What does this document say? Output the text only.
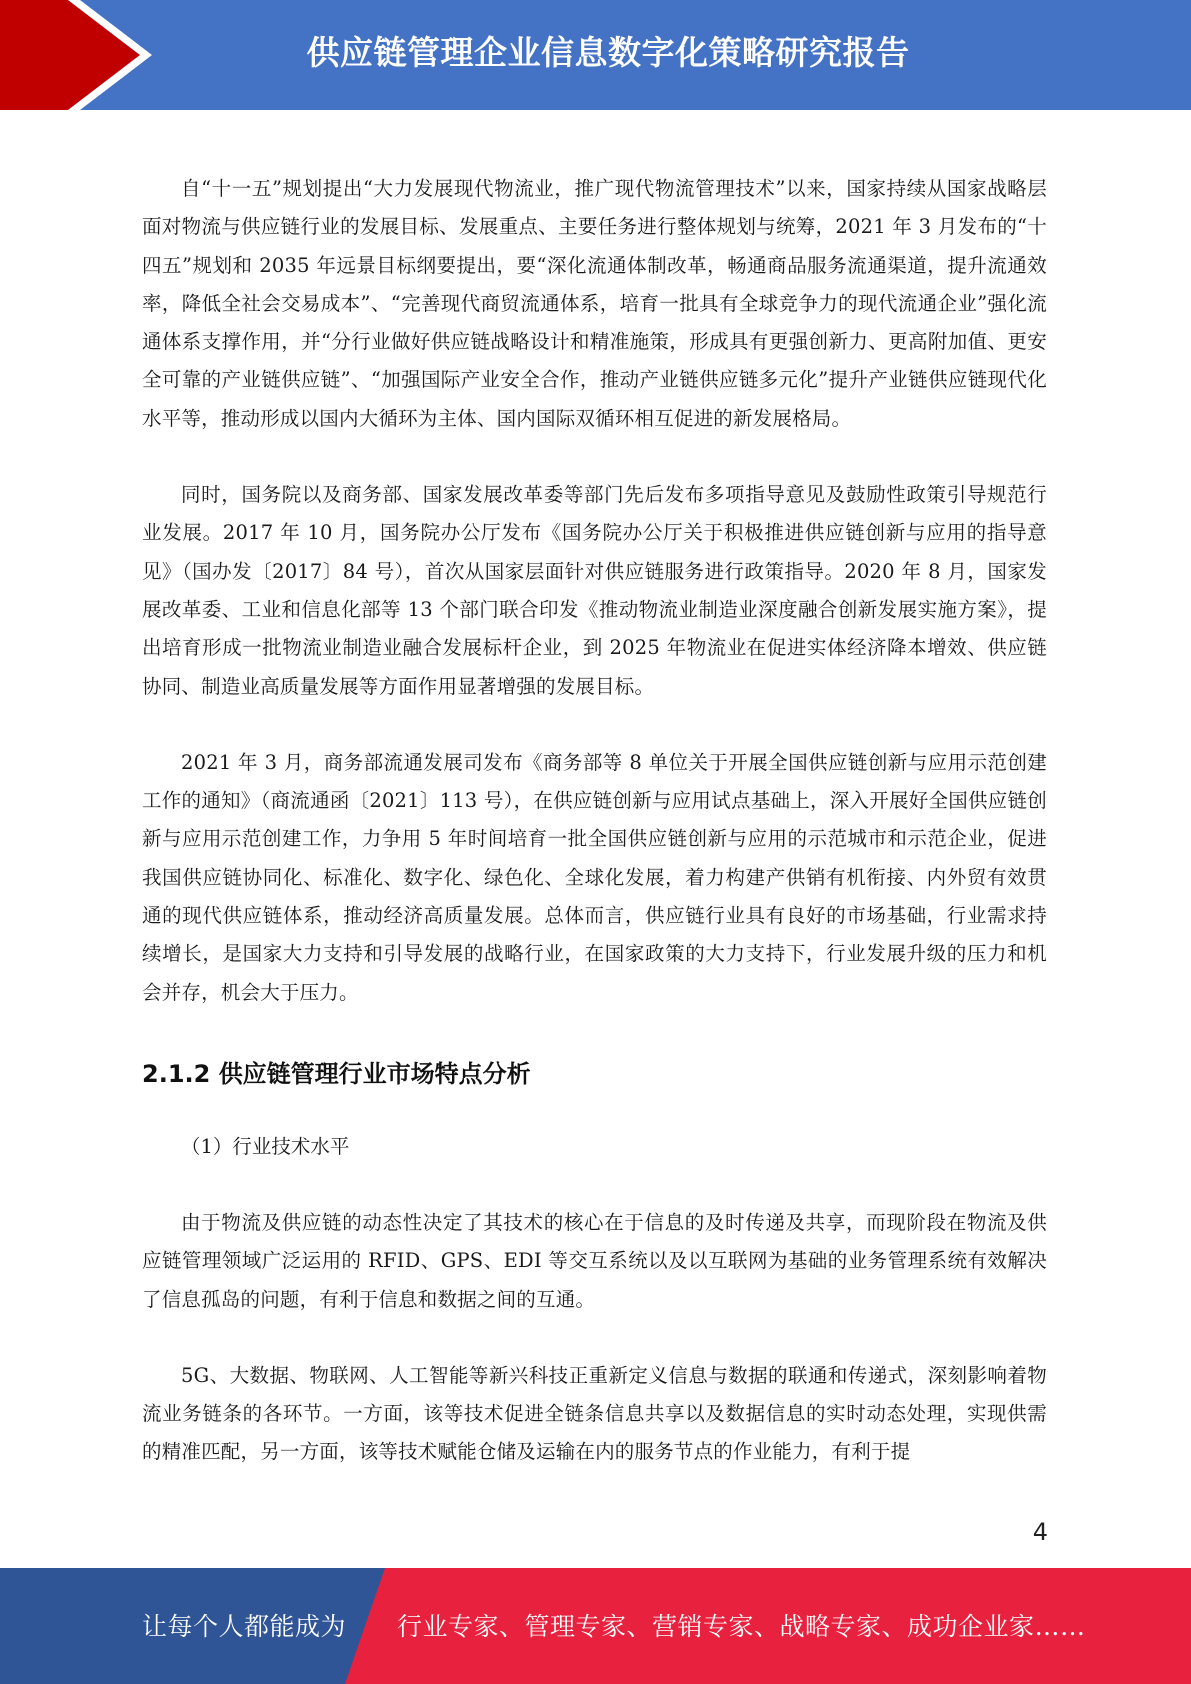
供应链管理企业信息数字化策略研究报告

自“十一五”规划提出“大力发展现代物流业，推广现代物流管理技术”以来，国家持续从国家战略层面对物流与供应链行业的发展目标、发展重点、主要任务进行整体规划与统筹，2021 年 3 月发布的“十四五”规划和 2035 年远景目标纲要提出，要“深化流通体制改革，畅通商品服务流通渠道，提升流通效率，降低全社会交易成本”、“完善现代商贸流通体系，培育一批具有全球竞争力的现代流通企业”强化流通体系支撑作用，并“分行业做好供应链战略设计和精准施策，形成具有更强创新力、更高附加值、更安全可靠的产业链供应链”、“加强国际产业安全合作，推动产业链供应链多元化”提升产业链供应链现代化水平等，推动形成以国内大循环为主体、国内国际双循环相互促进的新发展格局。

同时，国务院以及商务部、国家发展改革委等部门先后发布多项指导意见及鼓励性政策引导规范行业发展。2017 年 10 月，国务院办公厅发布《国务院办公厅关于积极推进供应链创新与应用的指导意见》（国办发〔2017〕84 号），首次从国家层面针对供应链服务进行政策指导。2020 年 8 月，国家发展改革委、工业和信息化部等 13 个部门联合印发《推动物流业制造业深度融合创新发展实施方案》，提出培育形成一批物流业制造业融合发展标杆企业，到 2025 年物流业在促进实体经济降本增效、供应链协同、制造业高质量发展等方面作用显著增强的发展目标。

2021 年 3 月，商务部流通发展司发布《商务部等 8 单位关于开展全国供应链创新与应用示范创建工作的通知》（商流通函〔2021〕113 号），在供应链创新与应用试点基础上，深入开展好全国供应链创新与应用示范创建工作，力争用 5 年时间培育一批全国供应链创新与应用的示范城市和示范企业，促进我国供应链协同化、标准化、数字化、绿色化、全球化发展，着力构建产供销有机衔接、内外贸有效贯通的现代供应链体系，推动经济高质量发展。总体而言，供应链行业具有良好的市场基础，行业需求持续增长，是国家大力支持和引导发展的战略行业，在国家政策的大力支持下，行业发展升级的压力和机会并存，机会大于压力。

2.1.2 供应链管理行业市场特点分析

（1）行业技术水平

由于物流及供应链的动态性决定了其技术的核心在于信息的及时传递及共享，而现阶段在物流及供应链管理领域广泛运用的 RFID、GPS、EDI 等交互系统以及以互联网为基础的业务管理系统有效解决了信息孤岛的问题，有利于信息和数据之间的互通。

5G、大数据、物联网、人工智能等新兴科技正重新定义信息与数据的联通和传递式，深刻影响着物流业务链条的各环节。一方面，该等技术促进全链条信息共享以及数据信息的实时动态处理，实现供需的精准匹配，另一方面，该等技术赋能仓储及运输在内的服务节点的作业能力，有利于提

4
让每个人都能成为 行业专家、管理专家、营销专家、战略专家、成功企业家……
